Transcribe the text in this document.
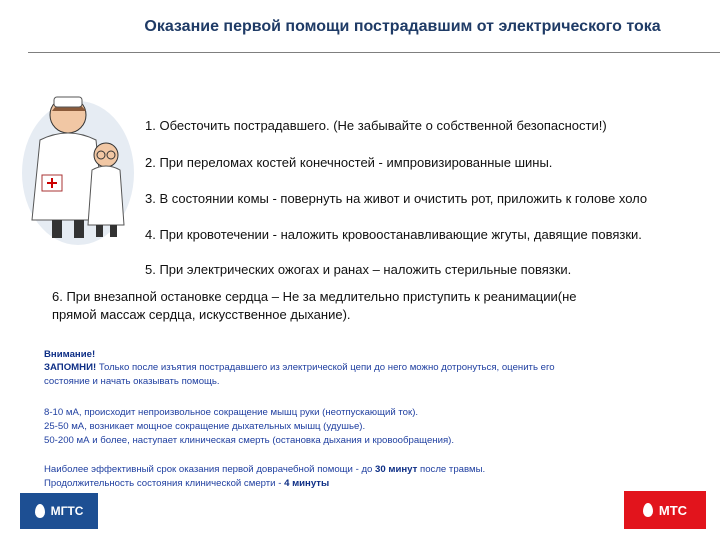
Оказание первой помощи пострадавшим от электрического тока
1. Обесточить пострадавшего. (Не забывайте о собственной безопасности!)
2. При переломах костей конечностей - импровизированные шины.
3. В состоянии комы - повернуть на живот и очистить рот, приложить к голове холо
4. При кровотечении - наложить кровоостанавливающие жгуты, давящие повязки.
5. При электрических ожогах и ранах – наложить стерильные повязки.
6. При внезапной остановке сердца – Не за медлительно приступить к реанимации(не
прямой массаж сердца, искусственное дыхание).
Внимание!
ЗАПОМНИ! Только после изъятия пострадавшего из электрической цепи до него можно дотронуться, оценить его
состояние и начать оказывать помощь.
8-10 мА, происходит непроизвольное сокращение мышц руки (неотпускающий ток).
25-50 мА, возникает мощное сокращение дыхательных мышц (удушье).
50-200 мА и более, наступает клиническая смерть (остановка дыхания и кровообращения).
Наиболее эффективный срок оказания первой доврачебной помощи - до 30 минут после травмы.
Продолжительность состояния клинической смерти - 4 минуты
МГТС	МТС
